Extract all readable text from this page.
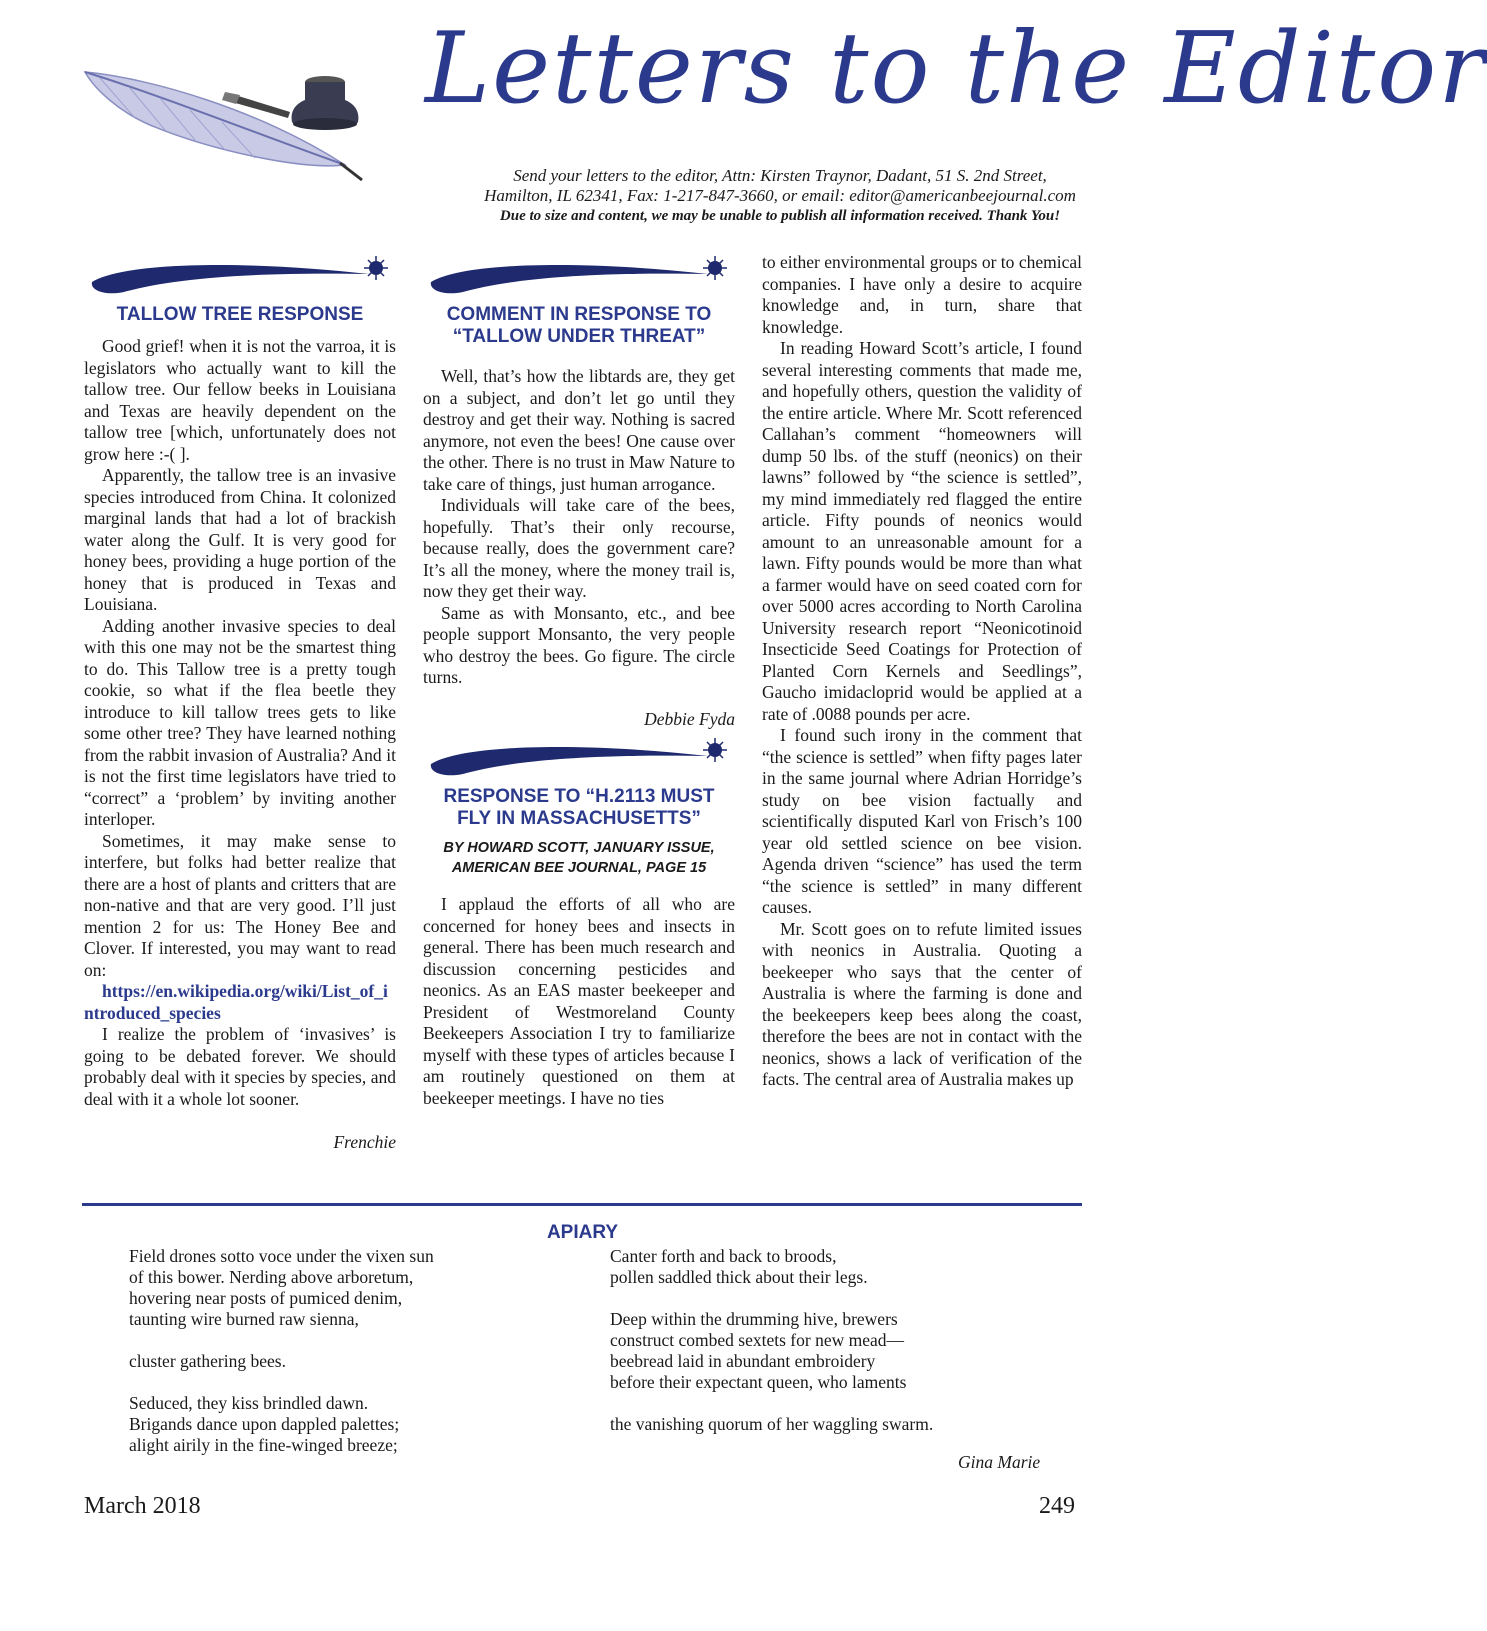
Letters to the Editor
Send your letters to the editor, Attn: Kirsten Traynor, Dadant, 51 S. 2nd Street,
Hamilton, IL 62341, Fax: 1-217-847-3660, or email: editor@americanbeejournal.com
Due to size and content, we may be unable to publish all information received. Thank You!
TALLOW TREE RESPONSE

Good grief! when it is not the varroa, it is legislators who actually want to kill the tallow tree. Our fellow beeks in Louisiana and Texas are heavily dependent on the tallow tree [which, unfortunately does not grow here :-( ].

Apparently, the tallow tree is an invasive species introduced from China. It colonized marginal lands that had a lot of brackish water along the Gulf. It is very good for honey bees, providing a huge portion of the honey that is produced in Texas and Louisiana.

Adding another invasive species to deal with this one may not be the smartest thing to do. This Tallow tree is a pretty tough cookie, so what if the flea beetle they introduce to kill tallow trees gets to like some other tree? They have learned nothing from the rabbit invasion of Australia? And it is not the first time legislators have tried to “correct” a ‘problem’ by inviting another interloper.

Sometimes, it may make sense to interfere, but folks had better realize that there are a host of plants and critters that are non-native and that are very good. I’ll just mention 2 for us: The Honey Bee and Clover. If interested, you may want to read on:

https://en.wikipedia.org/wiki/List_of_introduced_species

I realize the problem of ‘invasives’ is going to be debated forever. We should probably deal with it species by species, and deal with it a whole lot sooner.

Frenchie
COMMENT IN RESPONSE TO
“TALLOW UNDER THREAT”

Well, that’s how the libtards are, they get on a subject, and don’t let go until they destroy and get their way. Nothing is sacred anymore, not even the bees! One cause over the other. There is no trust in Maw Nature to take care of things, just human arrogance.

Individuals will take care of the bees, hopefully. That’s their only recourse, because really, does the government care? It’s all the money, where the money trail is, now they get their way.

Same as with Monsanto, etc., and bee people support Monsanto, the very people who destroy the bees. Go figure. The circle turns.

Debbie Fyda
RESPONSE TO “H.2113 MUST
FLY IN MASSACHUSETTS”
BY HOWARD SCOTT, JANUARY ISSUE,
AMERICAN BEE JOURNAL, PAGE 15

I applaud the efforts of all who are concerned for honey bees and insects in general. There has been much research and discussion concerning pesticides and neonics. As an EAS master beekeeper and President of Westmoreland County Beekeepers Association I try to familiarize myself with these types of articles because I am routinely questioned on them at beekeeper meetings. I have no ties

to either environmental groups or to chemical companies. I have only a desire to acquire knowledge and, in turn, share that knowledge.

In reading Howard Scott’s article, I found several interesting comments that made me, and hopefully others, question the validity of the entire article. Where Mr. Scott referenced Callahan’s comment “homeowners will dump 50 lbs. of the stuff (neonics) on their lawns” followed by “the science is settled”, my mind immediately red flagged the entire article. Fifty pounds of neonics would amount to an unreasonable amount for a lawn. Fifty pounds would be more than what a farmer would have on seed coated corn for over 5000 acres according to North Carolina University research report “Neonicotinoid Insecticide Seed Coatings for Protection of Planted Corn Kernels and Seedlings”, Gaucho imidacloprid would be applied at a rate of .0088 pounds per acre.

I found such irony in the comment that “the science is settled” when fifty pages later in the same journal where Adrian Horridge’s study on bee vision factually and scientifically disputed Karl von Frisch’s 100 year old settled science on bee vision. Agenda driven “science” has used the term “the science is settled” in many different causes.

Mr. Scott goes on to refute limited issues with neonics in Australia. Quoting a beekeeper who says that the center of Australia is where the farming is done and the beekeepers keep bees along the coast, therefore the bees are not in contact with the neonics, shows a lack of verification of the facts. The central area of Australia makes up

APIARY
Field drones sotto voce under the vixen sun
of this bower. Nerding above arboretum,
hovering near posts of pumiced denim,
taunting wire burned raw sienna,

cluster gathering bees.

Seduced, they kiss brindled dawn.
Brigands dance upon dappled palettes;
alight airily in the fine-winged breeze;
Canter forth and back to broods,
pollen saddled thick about their legs.

Deep within the drumming hive, brewers
construct combed sextets for new mead—
beebread laid in abundant embroidery
before their expectant queen, who laments

the vanishing quorum of her waggling swarm.
Gina Marie
March 2018	249
